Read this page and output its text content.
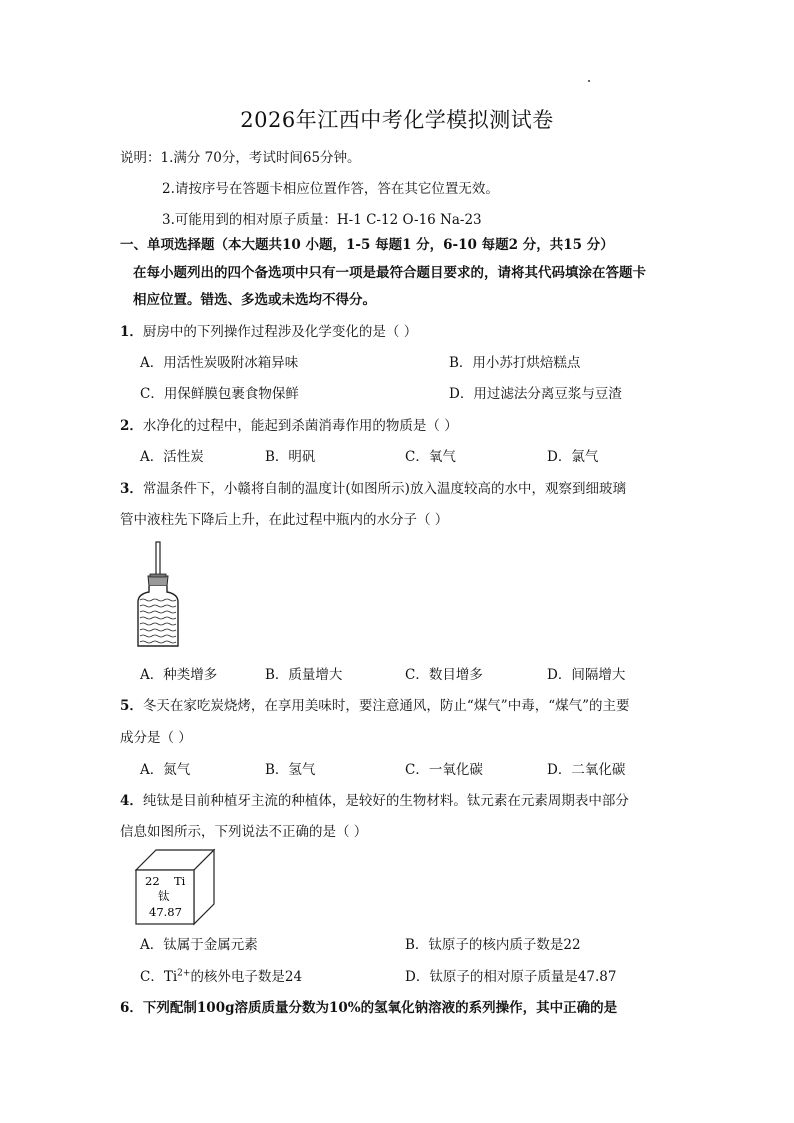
2026年江西中考化学模拟测试卷
说明：1.满分 70分，考试时间65分钟。
2.请按序号在答题卡相应位置作答，答在其它位置无效。
3.可能用到的相对原子质量：H-1 C-12 O-16 Na-23
一、单项选择题（本大题共10 小题，1-5 每题1 分，6-10 每题2 分，共15 分）
在每小题列出的四个备选项中只有一项是最符合题目要求的，请将其代码填涂在答题卡
相应位置。错选、多选或未选均不得分。
1．厨房中的下列操作过程涉及化学变化的是（ ）
A．用活性炭吸附冰箱异味	B．用小苏打烘焙糕点
C．用保鲜膜包裹食物保鲜	D．用过滤法分离豆浆与豆渣
2．水净化的过程中，能起到杀菌消毒作用的物质是（ ）
A．活性炭	B．明矾	C．氧气	D．氯气
3．常温条件下，小赣将自制的温度计(如图所示)放入温度较高的水中，观察到细玻璃
管中液柱先下降后上升，在此过程中瓶内的水分子（ ）
A．种类增多	B．质量增大	C．数目增多	D．间隔增大
5．冬天在家吃炭烧烤，在享用美味时，要注意通风，防止“煤气”中毒，“煤气”的主要
成分是（ ）
A．氮气	B．氢气	C．一氧化碳	D．二氧化碳
4．纯钛是目前种植牙主流的种植体，是较好的生物材料。钛元素在元素周期表中部分
信息如图所示，下列说法不正确的是（ ）
22 Ti
钛
47.87
A．钛属于金属元素	B．钛原子的核内质子数是22
C．$Ti^{2+}$的核外电子数是24	D．钛原子的相对原子质量是47.87
6．下列配制100g溶质质量分数为10%的氢氧化钠溶液的系列操作，其中正确的是
